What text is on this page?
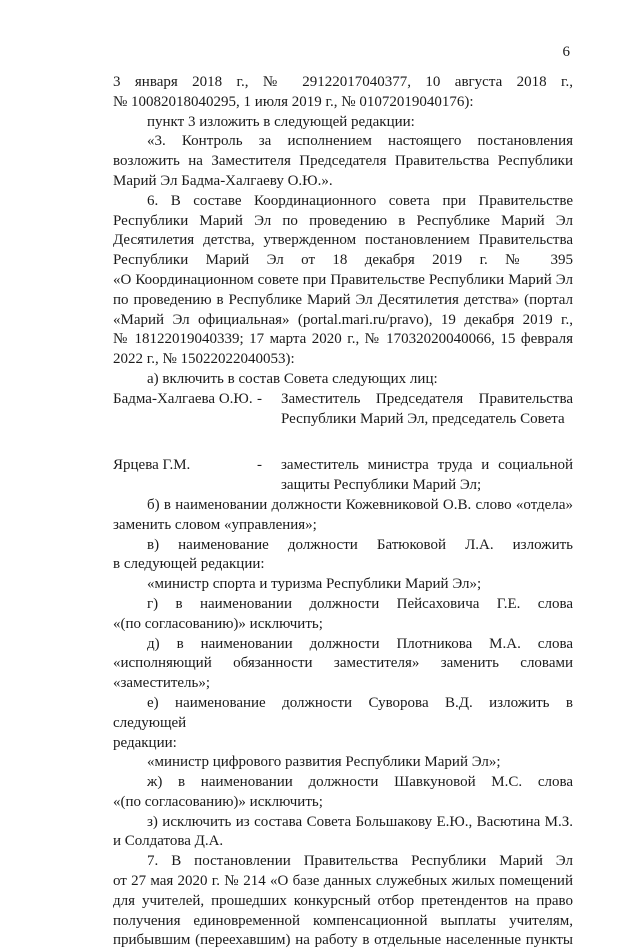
6

3 января 2018 г., № 29122017040377, 10 августа 2018 г.,

№ 10082018040295, 1 июля 2019 г., № 01072019040176):

пункт 3 изложить в следующей редакции:

«3. Контроль за исполнением настоящего постановления

возложить на Заместителя Председателя Правительства Республики

Марий Эл Бадма-Халгаеву О.Ю.».

6. В составе Координационного совета при Правительстве

Республики Марий Эл по проведению в Республике Марий Эл

Десятилетия детства, утвержденном постановлением Правительства

Республики Марий Эл от 18 декабря 2019 г. № 395

«О Координационном совете при Правительстве Республики Марий Эл

по проведению в Республике Марий Эл Десятилетия детства» (портал

«Марий Эл официальная» (portal.mari.ru/pravo), 19 декабря 2019 г.,

№ 18122019040339; 17 марта 2020 г., № 17032020040066, 15 февраля

2022 г., № 15022022040053):

а) включить в состав Совета следующих лиц:

Бадма-Халгаева О.Ю. -	Заместитель Председателя Правительства
Республики Марий Эл, председатель Совета
Ярцева Г.М.	-	заместитель министра труда и социальной
защиты Республики Марий Эл;

б) в наименовании должности Кожевниковой О.В. слово «отдела»

заменить словом «управления»;

в) наименование должности Батюковой Л.А. изложить

в следующей редакции:

«министр спорта и туризма Республики Марий Эл»;

г) в наименовании должности Пейсаховича Г.Е. слова

«(по согласованию)» исключить;

д) в наименовании должности Плотникова М.А. слова

«исполняющий обязанности заместителя» заменить словами

«заместитель»;

е) наименование должности Суворова В.Д. изложить в следующей

редакции:

«министр цифрового развития Республики Марий Эл»;

ж) в наименовании должности Шавкуновой М.С. слова

«(по согласованию)» исключить;

з) исключить из состава Совета Большакову Е.Ю., Васютина М.З.

и Солдатова Д.А.

7. В постановлении Правительства Республики Марий Эл

от 27 мая 2020 г. № 214 «О базе данных служебных жилых помещений

для учителей, прошедших конкурсный отбор претендентов на право

получения единовременной компенсационной выплаты учителям,

прибывшим (переехавшим) на работу в отдельные населенные пункты
